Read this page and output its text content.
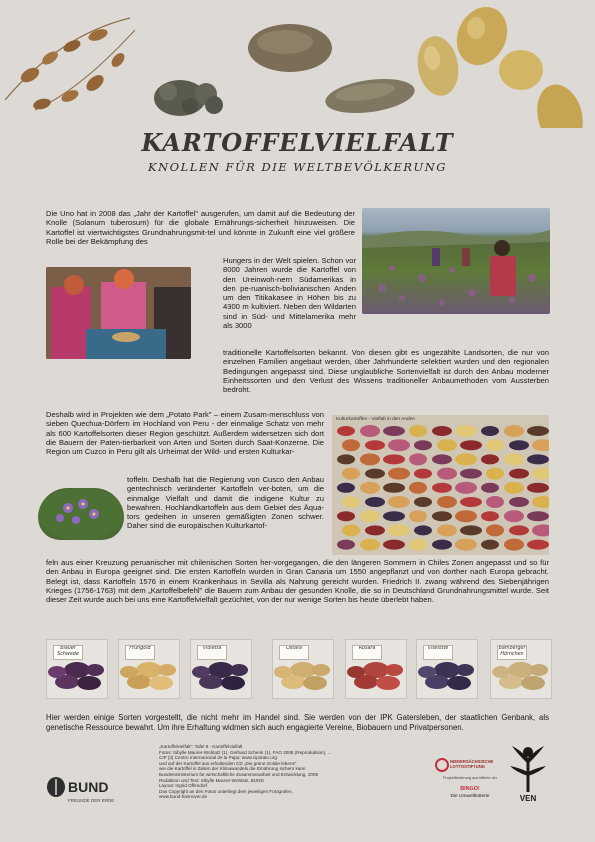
KARTOFFELVIELFALT
KNOLLEN FÜR DIE WELTBEVÖLKERUNG
Die Uno hat in 2008 das „Jahr der Kartoffel" ausgerufen, um damit auf die Bedeutung der Knolle (Solanum tuberosum) für die globale Ernährungs-sicherheit hinzuweisen. Die Kartoffel ist viertwichtigstes Grundnahrungsmit-tel und könnte in Zukunft eine viel größere Rolle bei der Bekämpfung des
Hungers in der Welt spielen. Schon vor 8000 Jahren wurde die Kartoffel von den Ureinwoh-nern Südamerikas in den pe-ruanisch-bolivianischen Anden um den Titikakasee in Höhen bis zu 4300 m kultiviert. Neben den Wildarten sind in Süd- und Mittelamerika mehr als 3000
traditionelle Kartoffelsorten bekannt. Von diesen gibt es ungezählte Landsorten, die nur von einzelnen Familien angebaut werden, über Jahrhunderte selektiert wurden und den regionalen Bedingungen angepasst sind. Diese unglaubliche Sortenvielfalt ist durch den Anbau moderner Einheitssorten und den Verlust des Wissens traditioneller Anbaumethoden vom Aussterben bedroht.
Deshalb wird in Projekten wie dem „Potato Park" – einem Zusam-menschluss von sieben Quechua-Dörfern im Hochland von Peru - der einmalige Schatz von mehr als 600 Kartoffelsorten dieser Region geschützt. Außerdem widersetzen sich dort die Bauern der Paten-tierbarkeit von Arten und Sorten durch Saat-Konzerne. Die Region um Cuzco in Peru gilt als Urheimat der Wild- und ersten Kulturkar-
toffeln. Deshalb hat die Regierung von Cusco den Anbau gentechnisch veränderter Kartoffeln ver-boten, um die einmalige Vielfalt und damit die indigene Kultur zu bewahren. Hochlandkartoffeln aus dem Gebiet des Äqua-tors gedeihen in unseren gemäßigten Zonen schwer. Daher sind die europäischen Kulturkartof-
feln aus einer Kreuzung peruanischer mit chilenischen Sorten her-vorgegangen, die den längeren Sommern in Chiles Zonen angepasst und so für den Anbau in Europa geeignet sind. Die ersten Kartoffeln wurden in Gran Canaria um 1550 angepflanzt und von dorther nach Europa gebracht. Belegt ist, dass Kartoffeln 1576 in einem Krankenhaus in Sevilla als Nahrung gereicht wurden. Friedrich II. zwang während des Siebenjährigen Krieges (1756-1763) mit dem „Kartoffelbefehl" die Bauern zum Anbau der gesunden Knolle, die so in Deutschland Grundnahrungsmittel wurde. Seit dieser Zeit wurde auch bei uns eine Kartoffelvielfalt gezüchtet, von der nur wenige Sorten bis heute überlebt haben.
Kulturkartoffen - Vielfalt in den Anden
Blauer Schwede
Frühgold	Violetta	Ostara	Rosara	Vitelotte	Bamberger Hörnchen
Hier werden einige Sorten vorgestellt, die nicht mehr im Handel sind. Sie werden von der IPK Gatersleben, der staatlichen Genbank, als genetische Ressource bewahrt. Um ihre Erhaltung widmen sich auch engagierte Vereine, Biobauern und Privatpersonen.
BUND
FREUNDE DER ERDE
„Kartoffelvielfalt": Tafel 8 - Kartoffelvielfalt
Fotos: Sibylle Maurer-Wohlatz (1), Gerhard Schenk (1), FAO 2008 (Reproduktion), ...
CIP (3) Centro Internacional de la Papa: www.cipotato.org
und auf der Kartoffel aus erhaltenden CD „Die grüne Goldie lebens"
wie die Kartoffel in Zeiten der Klimawandels die Ernährung sichern kann
Bundesministerium für wirtschaftliche Zusammenarbeit und Entwicklung, 2008
Redaktion und Text: Sibylle Maurer-Wohlatz, BUND
Layout: Ingrid Offendorf
Das Copyright an den Fotos unterliegt dem jeweiligen Fotografen.
www.bund-hannover.de
NIEDERSÄCHSISCHE LOTTOSTIFTUNG
Projektförderung aus Mitteln der
BINGO!
Die Umweltlotterie	VEN
